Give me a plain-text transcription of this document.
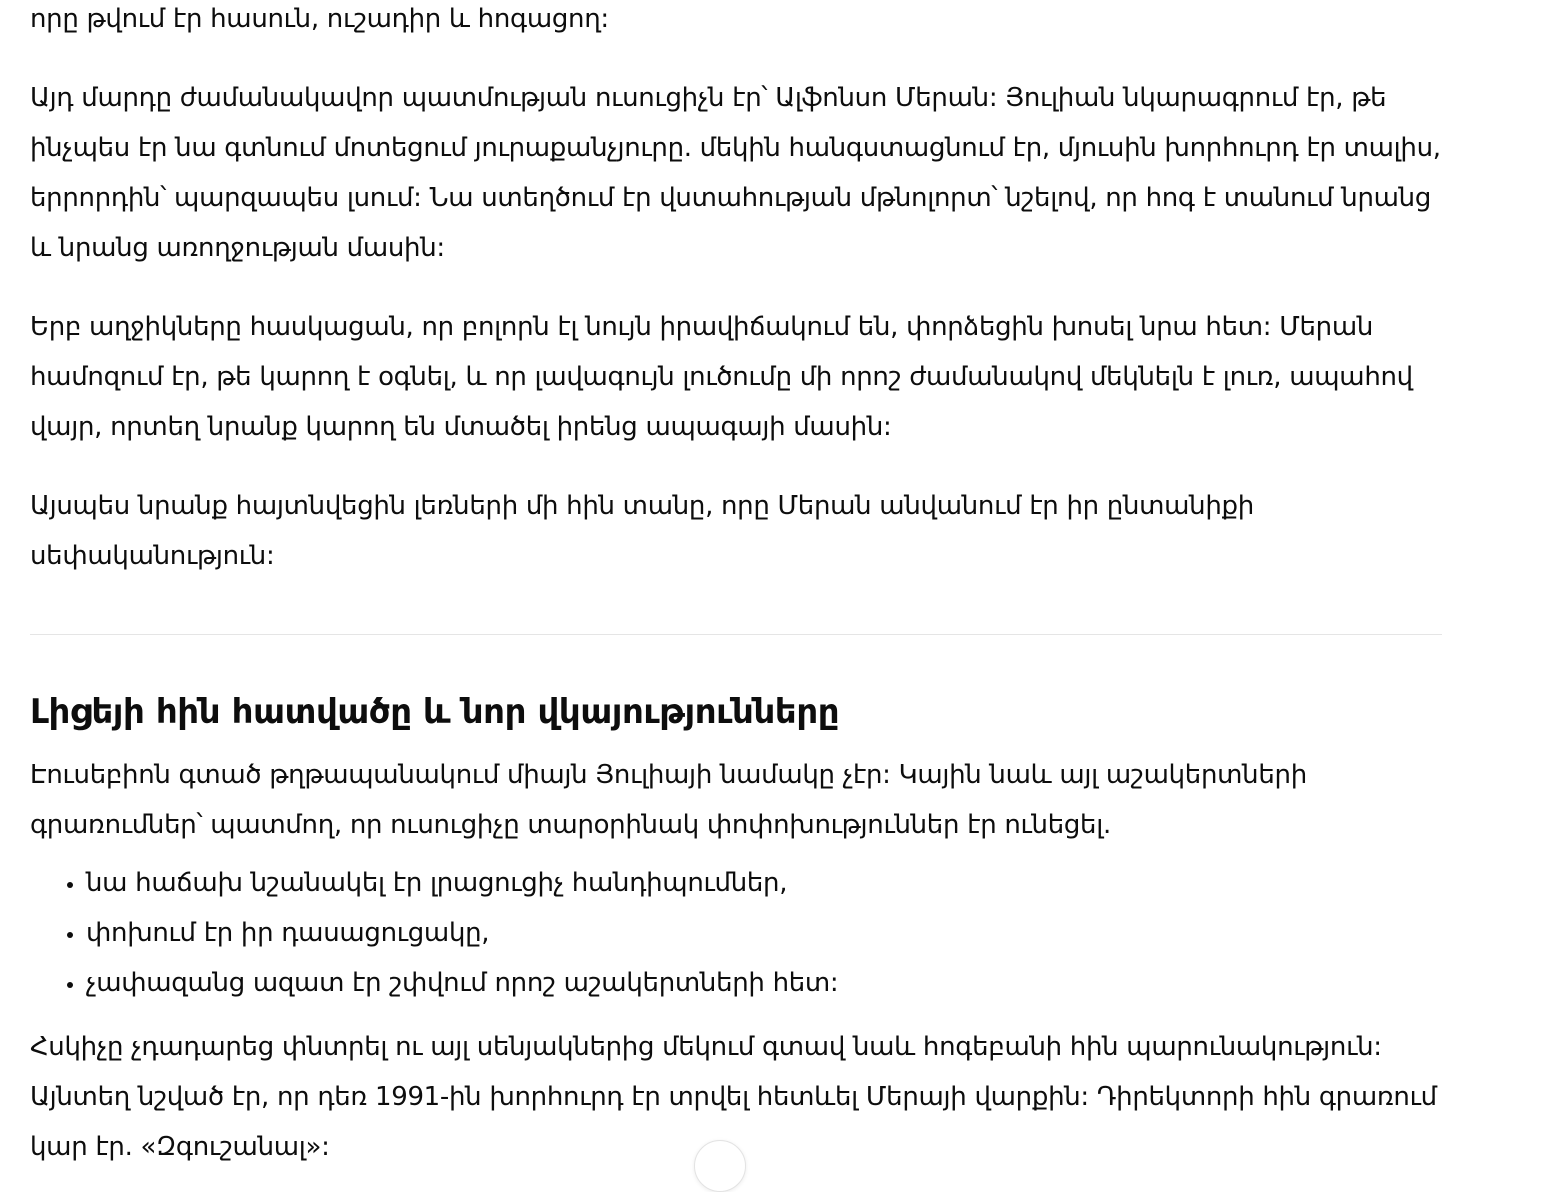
որը թվում էր հասուն, ուշադիր և հոգացող:

Այդ մարդը ժամանակավոր պատմության ուսուցիչն էր՝ Ալֆոնսո Մերան: Յուլիան նկարագրում էր, թե ինչպես էր նա գտնում մոտեցում յուրաքանչյուրը. մեկին հանգստացնում էր, մյուսին խորհուրդ էր տալիս, երրորդին՝ պարզապես լսում: Նա ստեղծում էր վստահության մթնոլորտ՝ նշելով, որ հոգ է տանում նրանց և նրանց առողջության մասին:

Երբ աղջիկները հասկացան, որ բոլորն էլ նույն իրավիճակում են, փորձեցին խոսել նրա հետ: Մերան համոզում էր, թե կարող է օգնել, և որ լավագույն լուծումը մի որոշ ժամանակով մեկնելն է լուռ, ապահով վայր, որտեղ նրանք կարող են մտածել իրենց ապագայի մասին:

Այսպես նրանք հայտնվեցին լեռների մի հին տանը, որը Մերան անվանում էր իր ընտանիքի սեփականություն:

Լիցեյի հին հատվածը և նոր վկայությունները

Էուսեբիոն գտած թղթապանակում միայն Յուլիայի նամակը չէր: Կային նաև այլ աշակերտների գրառումներ՝ պատմող, որ ուսուցիչը տարօրինակ փոփոխություններ էր ունեցել.

• նա հաճախ նշանակել էր լրացուցիչ հանդիպումներ,
• փոխում էր իր դասացուցակը,
• չափազանց ազատ էր շփվում որոշ աշակերտների հետ:

Հսկիչը չդադարեց փնտրել ու այլ սենյակներից մեկում գտավ նաև հոգեբանի հին պարունակություն: Այնտեղ նշված էր, որ դեռ 1991-ին խորհուրդ էր տրվել հետևել Մերայի վարքին: Դիրեկտորի հին գրառում կար էր. «Զգուշանալ»:
